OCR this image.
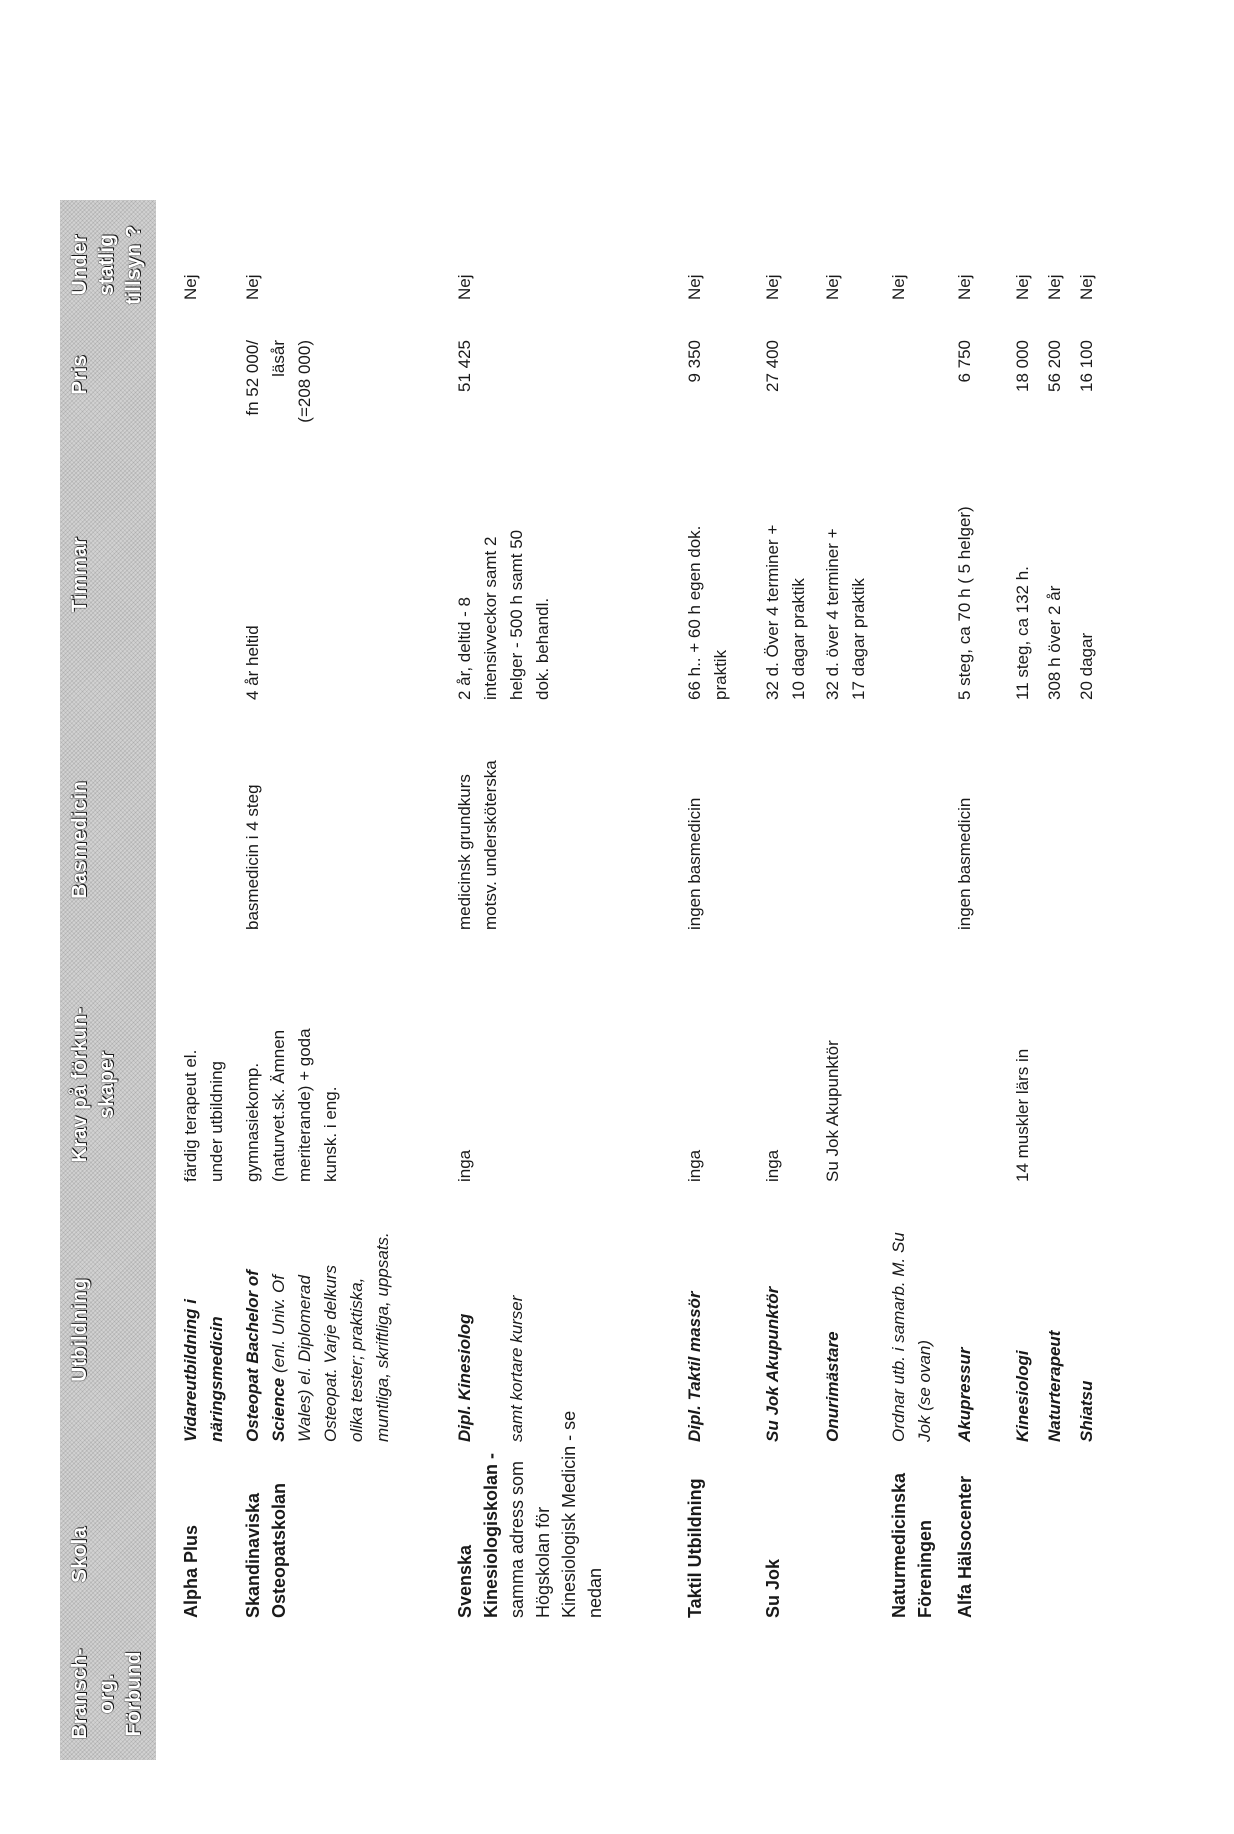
Bransch- org. Förbund
Skola
Utbildning
Krav på förkun- skaper
Basmedicin
Timmar
Pris
Under statlig tillsyn ?
Alpha Plus
Vidareutbildning i näringsmedicin
färdig terapeut el. under utbildning
Nej
Skandinaviska Osteopatskolan
Osteopat Bachelor of Science (enl. Univ. Of Wales) el. Diplomerad Osteopat. Varje delkurs olika tester; praktiska, muntliga, skriftliga, uppsats.
gymnasiekomp. (naturvet.sk. Ämnen meriterande) + goda kunsk. i eng.
basmedicin i 4 steg
4 år heltid
fn 52 000/ läsår (=208 000)
Nej
Svenska Kinesiologiskolan - samma adress som Högskolan för Kinesiologisk Medicin - se nedan
Dipl. Kinesiolog samt kortare kurser
inga
medicinsk grundkurs motsv. undersköterska
2 år, deltid - 8 intensivveckor samt 2 helger - 500 h samt 50 dok. behandl.
51 425
Nej
Taktil Utbildning
Dipl. Taktil massör
inga
ingen basmedicin
66 h.. + 60 h egen dok. praktik
9 350
Nej
Su Jok
Su Jok Akupunktör
inga
32 d. Över 4 terminer + 10 dagar praktik
27 400
Nej
Onurimästare
Su Jok Akupunktör
32 d. över 4 terminer + 17 dagar praktik
Nej
Naturmedicinska Föreningen
Ordnar utb. i samarb. M. Su Jok (se ovan)
Nej
Alfa Hälsocenter
Akupressur
ingen basmedicin
5 steg, ca 70 h ( 5 helger)
6 750
Nej
Kinesiologi
14 muskler lärs in
11 steg, ca 132 h.
18 000
Nej
Naturterapeut
308 h över 2 år
56 200
Nej
Shiatsu
20 dagar
16 100
Nej
